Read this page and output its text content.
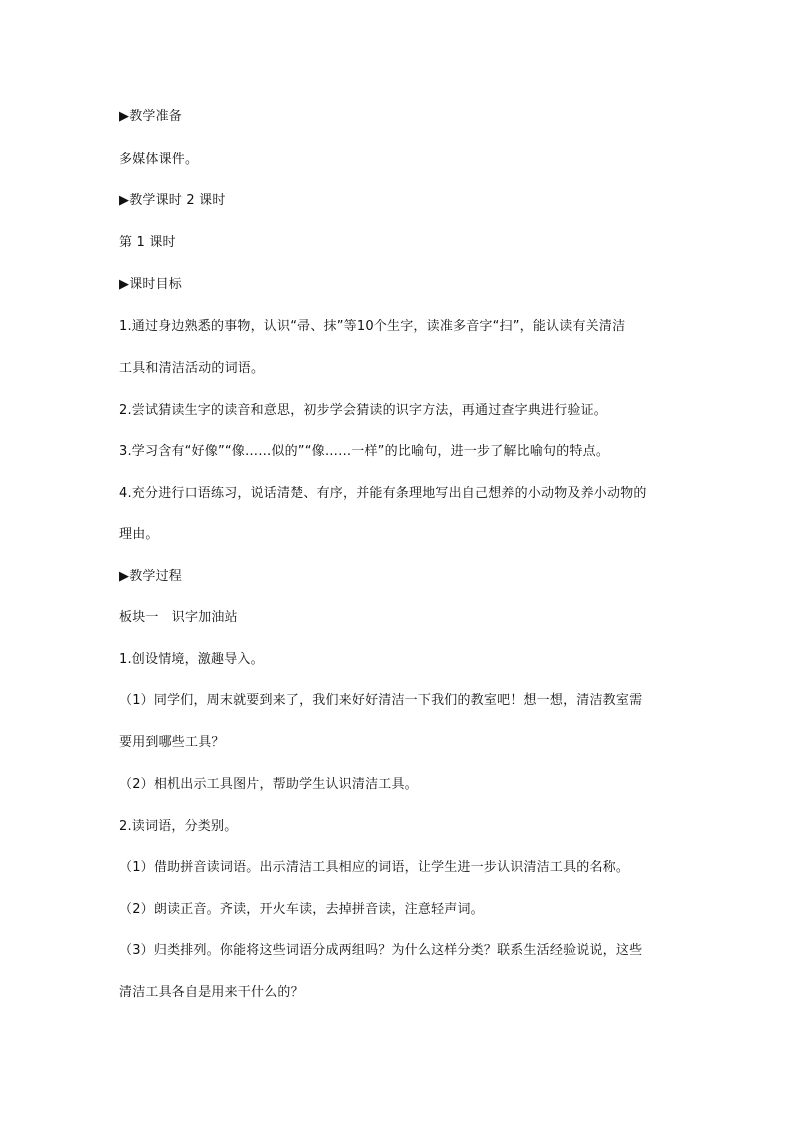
▶教学准备
多媒体课件。
▶教学课时 2 课时
第 1 课时
▶课时目标
1.通过身边熟悉的事物，认识“帚、抹”等10个生字，读准多音字“扫”，能认读有关清洁
工具和清洁活动的词语。
2.尝试猜读生字的读音和意思，初步学会猜读的识字方法，再通过查字典进行验证。
3.学习含有“好像”“像……似的”“像……一样”的比喻句，进一步了解比喻句的特点。
4.充分进行口语练习，说话清楚、有序，并能有条理地写出自己想养的小动物及养小动物的
理由。
▶教学过程
板块一　识字加油站
1.创设情境，激趣导入。
（1）同学们，周末就要到来了，我们来好好清洁一下我们的教室吧！想一想，清洁教室需
要用到哪些工具？
（2）相机出示工具图片，帮助学生认识清洁工具。
2.读词语，分类别。
（1）借助拼音读词语。出示清洁工具相应的词语，让学生进一步认识清洁工具的名称。
（2）朗读正音。齐读，开火车读，去掉拼音读，注意轻声词。
（3）归类排列。你能将这些词语分成两组吗？为什么这样分类？联系生活经验说说，这些
清洁工具各自是用来干什么的？
